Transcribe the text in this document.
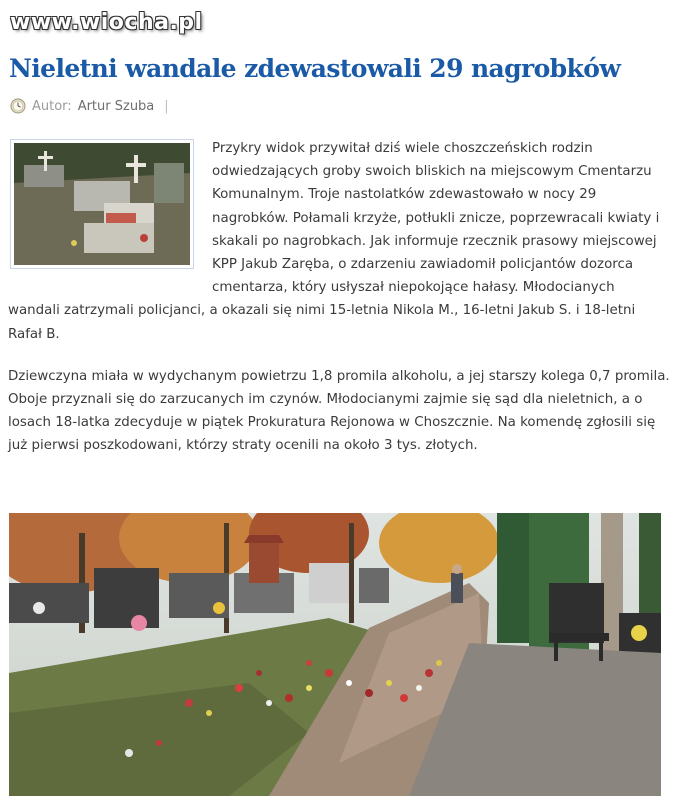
www.wiocha.pl
Nieletni wandale zdewastowali 29 nagrobków
Autor: Artur Szuba |

Przykry widok przywitał dziś wiele choszczeńskich rodzin odwiedzających groby swoich bliskich na miejscowym Cmentarzu Komunalnym. Troje nastolatków zdewastowało w nocy 29 nagrobków. Połamali krzyże, potłukli znicze, poprzewracali kwiaty i skakali po nagrobkach. Jak informuje rzecznik prasowy miejscowej KPP Jakub Zaręba, o zdarzeniu zawiadomił policjantów dozorca cmentarza, który usłyszał niepokojące hałasy. Młodocianych wandali zatrzymali policjanci, a okazali się nimi 15-letnia Nikola M., 16-letni Jakub S. i 18-letni Rafał B.

Dziewczyna miała w wydychanym powietrzu 1,8 promila alkoholu, a jej starszy kolega 0,7 promila. Oboje przyznali się do zarzucanych im czynów. Młodocianymi zajmie się sąd dla nieletnich, a o losach 18-latka zdecyduje w piątek Prokuratura Rejonowa w Choszcznie. Na komendę zgłosili się już pierwsi poszkodowani, którzy straty ocenili na około 3 tys. złotych.
